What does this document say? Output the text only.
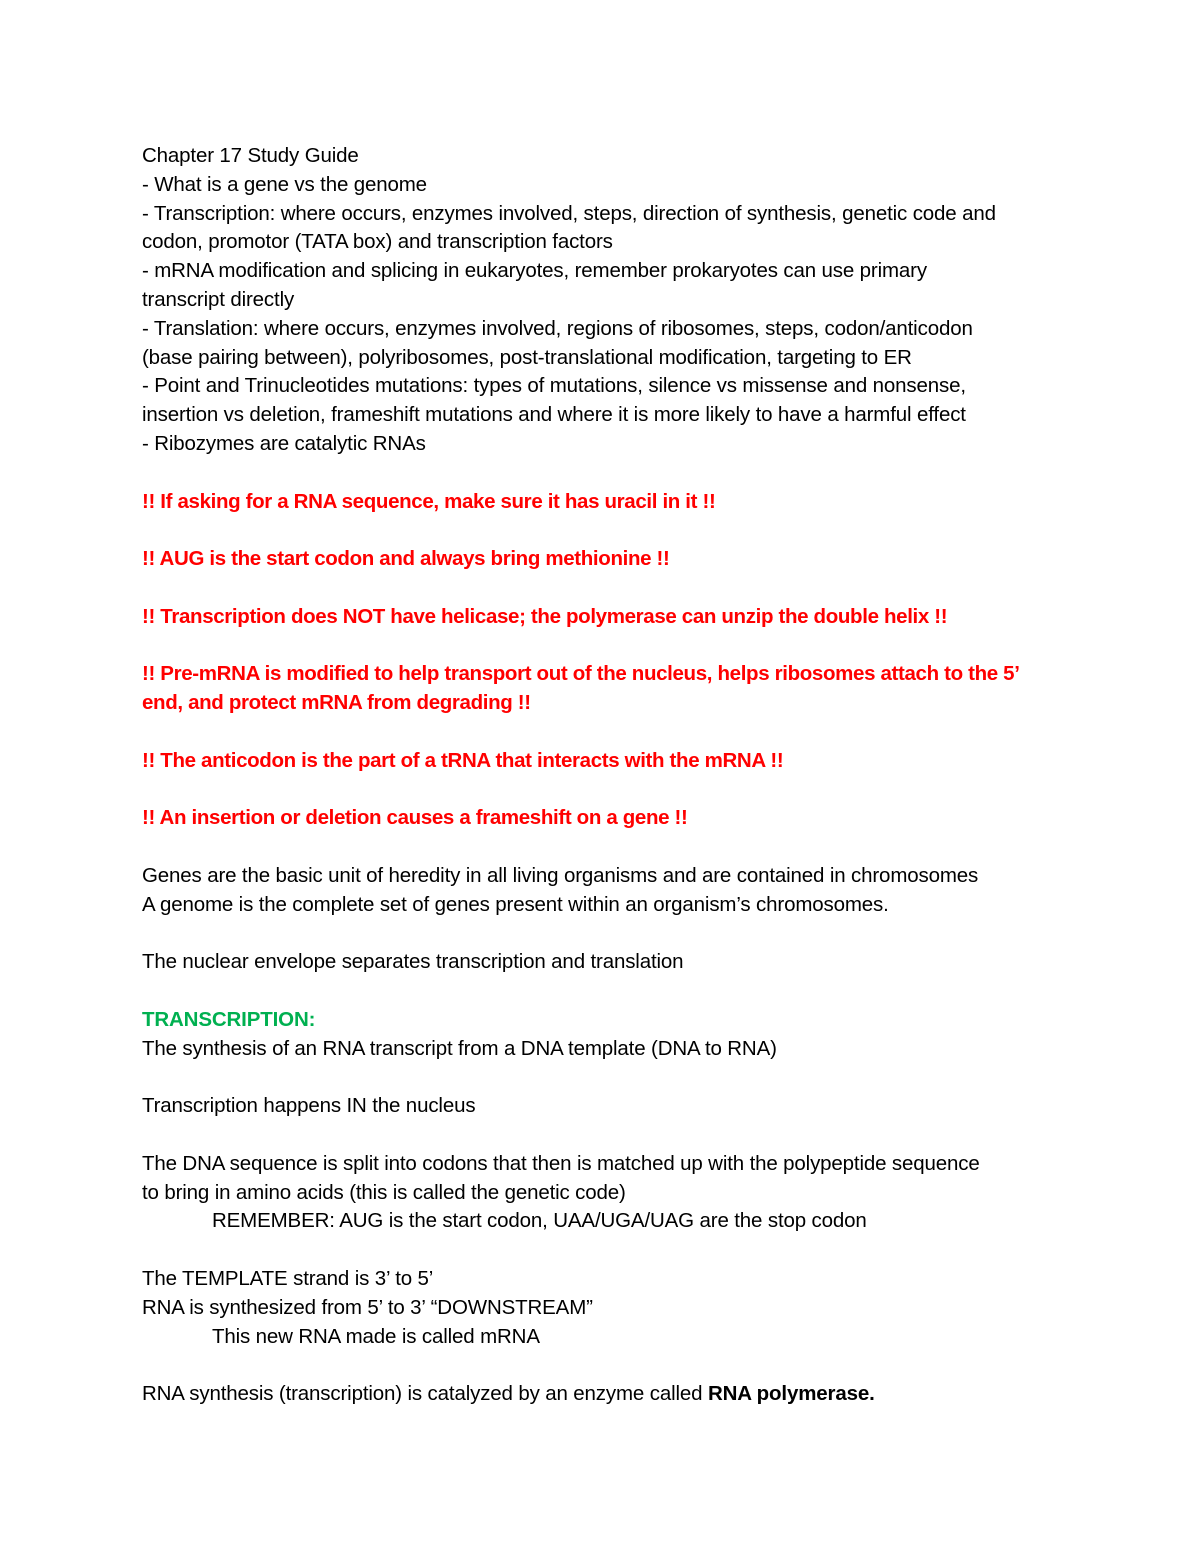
Chapter 17 Study Guide
- What is a gene vs the genome
- Transcription: where occurs, enzymes involved, steps, direction of synthesis, genetic code and
codon, promotor (TATA box) and transcription factors
- mRNA modification and splicing in eukaryotes, remember prokaryotes can use primary
transcript directly
- Translation: where occurs, enzymes involved, regions of ribosomes, steps, codon/anticodon
(base pairing between), polyribosomes, post-translational modification, targeting to ER
- Point and Trinucleotides mutations: types of mutations, silence vs missense and nonsense,
insertion vs deletion, frameshift mutations and where it is more likely to have a harmful effect
- Ribozymes are catalytic RNAs
!! If asking for a RNA sequence, make sure it has uracil in it !!
!! AUG is the start codon and always bring methionine !!
!! Transcription does NOT have helicase; the polymerase can unzip the double helix !!
!! Pre-mRNA is modified to help transport out of the nucleus, helps ribosomes attach to the 5’
end, and protect mRNA from degrading !!
!! The anticodon is the part of a tRNA that interacts with the mRNA !!
!! An insertion or deletion causes a frameshift on a gene !!
Genes are the basic unit of heredity in all living organisms and are contained in chromosomes
A genome is the complete set of genes present within an organism’s chromosomes.
The nuclear envelope separates transcription and translation
TRANSCRIPTION:
The synthesis of an RNA transcript from a DNA template (DNA to RNA)
Transcription happens IN the nucleus
The DNA sequence is split into codons that then is matched up with the polypeptide sequence
to bring in amino acids (this is called the genetic code)
REMEMBER: AUG is the start codon, UAA/UGA/UAG are the stop codon
The TEMPLATE strand is 3’ to 5’
RNA is synthesized from 5’ to 3’ “DOWNSTREAM”
This new RNA made is called mRNA
RNA synthesis (transcription) is catalyzed by an enzyme called RNA polymerase.
